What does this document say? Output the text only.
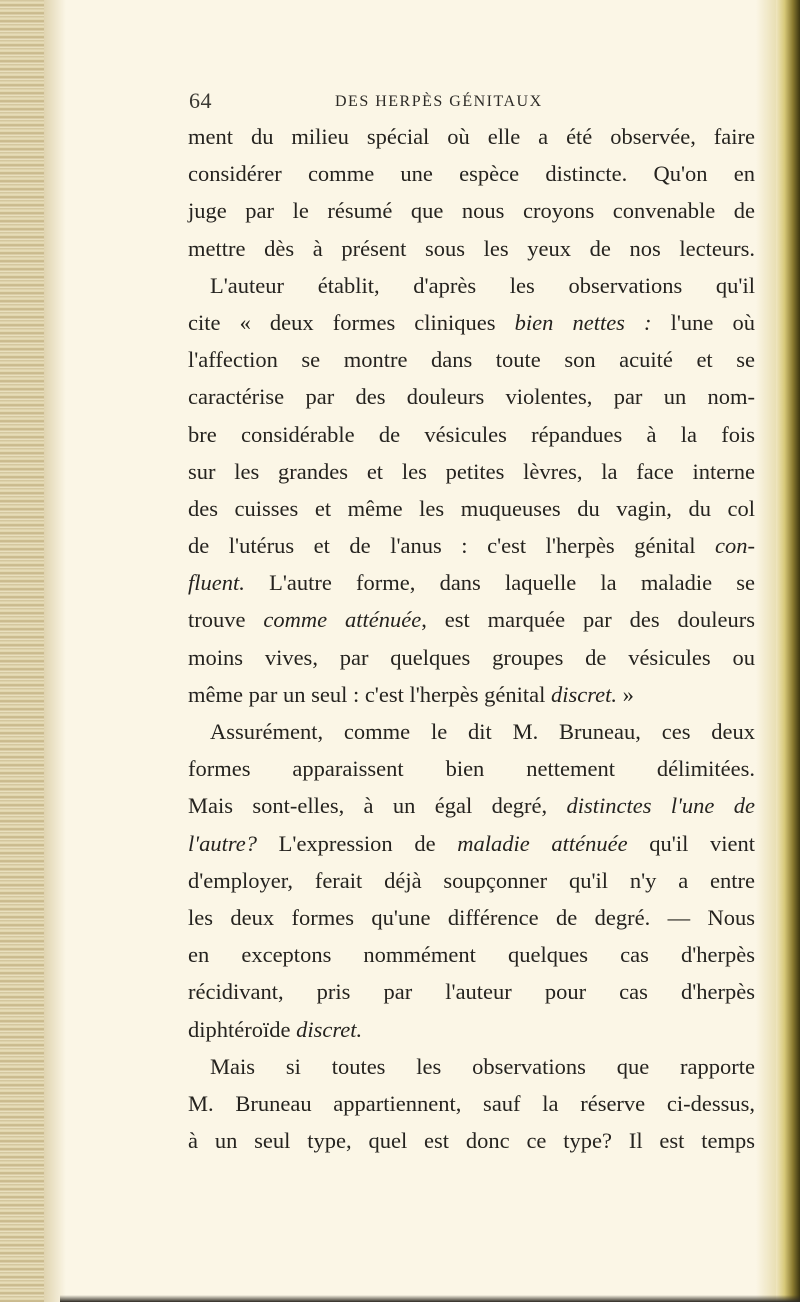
64	DES HERPÈS GÉNITAUX
ment du milieu spécial où elle a été observée, faire
considérer comme une espèce distincte. Qu'on en
juge par le résumé que nous croyons convenable de
mettre dès à présent sous les yeux de nos lecteurs.
L'auteur établit, d'après les observations qu'il
cite « deux formes cliniques bien nettes : l'une où
l'affection se montre dans toute son acuité et se
caractérise par des douleurs violentes, par un nom-
bre considérable de vésicules répandues à la fois
sur les grandes et les petites lèvres, la face interne
des cuisses et même les muqueuses du vagin, du col
de l'utérus et de l'anus : c'est l'herpès génital con-
fluent. L'autre forme, dans laquelle la maladie se
trouve comme atténuée, est marquée par des douleurs
moins vives, par quelques groupes de vésicules ou
même par un seul : c'est l'herpès génital discret. »
Assurément, comme le dit M. Bruneau, ces deux
formes apparaissent bien nettement délimitées.
Mais sont-elles, à un égal degré, distinctes l'une de
l'autre? L'expression de maladie atténuée qu'il vient
d'employer, ferait déjà soupçonner qu'il n'y a entre
les deux formes qu'une différence de degré. — Nous
en exceptons nommément quelques cas d'herpès
récidivant, pris par l'auteur pour cas d'herpès
diphtéroïde discret.
Mais si toutes les observations que rapporte
M. Bruneau appartiennent, sauf la réserve ci-dessus,
à un seul type, quel est donc ce type? Il est temps
